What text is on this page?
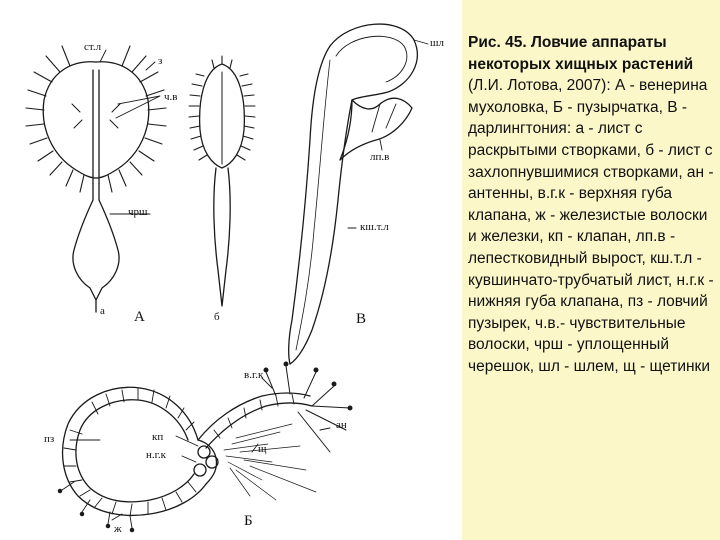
ст.л
з
ч.в
чрш
а А	б
шл
лп.в
кш.т.л
В
в.г.к
ан
пз	кп
н.г.к	щ
ж	Б
Рис. 45. Ловчие аппараты некоторых хищных растений (Л.И. Лотова, 2007): А - венерина мухоловка, Б - пузырчатка, В - дарлингтония: а - лист с раскрытыми створками, б - лист с захлопнувшимися створками, ан - антенны, в.г.к - верхняя губа клапана, ж - железистые волоски и железки, кп - клапан, лп.в - лепестковидный вырост, кш.т.л - кувшинчато-трубчатый лист, н.г.к - нижняя губа клапана, пз - ловчий пузырек, ч.в.- чувствительные волоски, чрш - уплощенный черешок, шл - шлем, щ - щетинки
